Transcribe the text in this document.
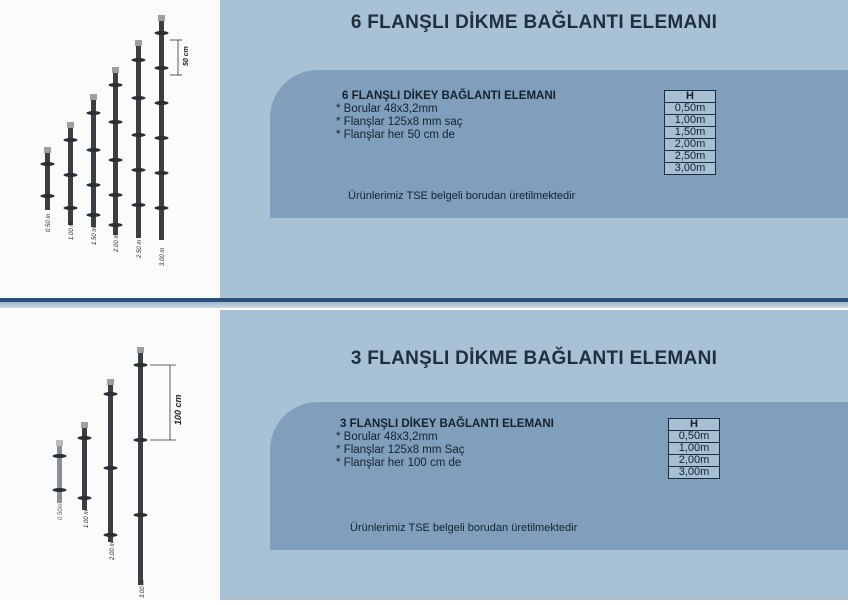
50 cm
0.50 m	1.00 m	1.50 m	2.00 m	2.50 m	3.00 m
6 FLANŞLI DİKME BAĞLANTI ELEMANI
6 FLANŞLI DİKEY BAĞLANTI ELEMANI
* Borular 48x3,2mm
* Flanşlar 125x8 mm saç
* Flanşlar her 50 cm de
H
0,50m
1,00m
1,50m
2,00m
2,50m
3,00m
Ürünlerimiz TSE belgeli borudan üretilmektedir
100 cm
0.50m	1.00 m
2.00 m
3.00 m
3 FLANŞLI DİKME BAĞLANTI ELEMANI
3 FLANŞLI DİKEY BAĞLANTI ELEMANI
* Borular 48x3,2mm
* Flanşlar 125x8 mm Saç
* Flanşlar her 100 cm de
H
0,50m
1,00m
2,00m
3,00m
Ürünlerimiz TSE belgeli borudan üretilmektedir
